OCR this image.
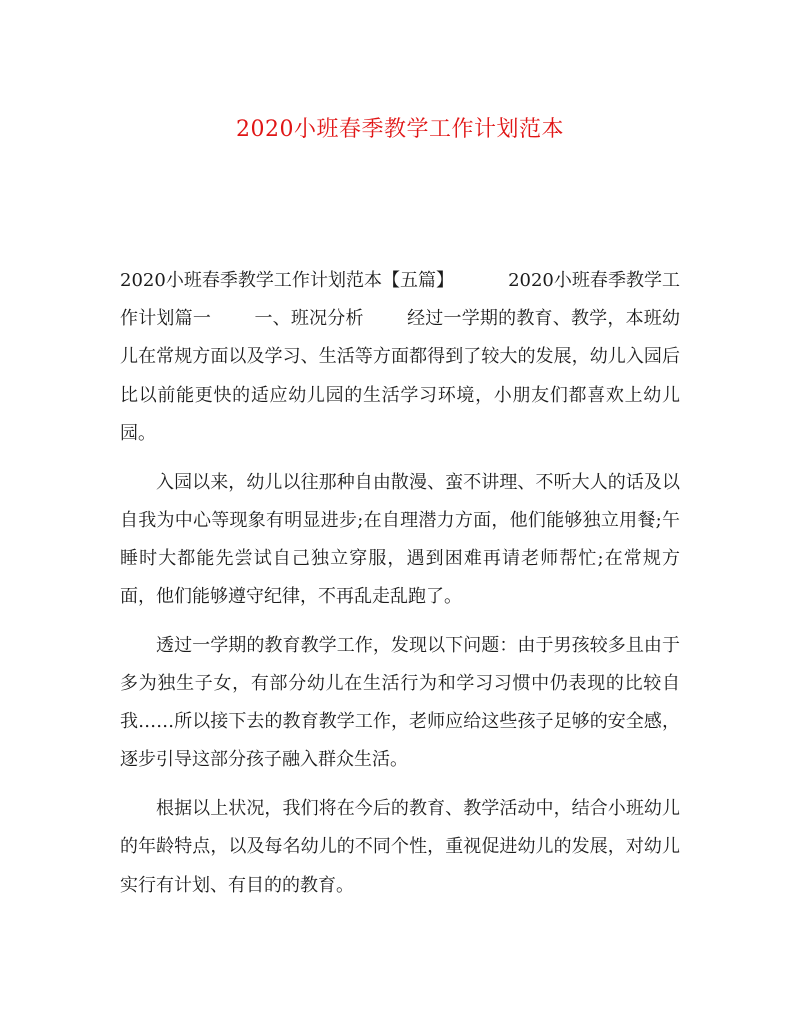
2020小班春季教学工作计划范本

2020小班春季教学工作计划范本【五篇】	2020小班春季教学工作计划篇一 一、班况分析 经过一学期的教育、教学，本班幼儿在常规方面以及学习、生活等方面都得到了较大的发展，幼儿入园后比以前能更快的适应幼儿园的生活学习环境，小朋友们都喜欢上幼儿园。

入园以来，幼儿以往那种自由散漫、蛮不讲理、不听大人的话及以自我为中心等现象有明显进步;在自理潜力方面，他们能够独立用餐;午睡时大都能先尝试自己独立穿服，遇到困难再请老师帮忙;在常规方面，他们能够遵守纪律，不再乱走乱跑了。

透过一学期的教育教学工作，发现以下问题：由于男孩较多且由于多为独生子女，有部分幼儿在生活行为和学习习惯中仍表现的比较自我……所以接下去的教育教学工作，老师应给这些孩子足够的安全感，逐步引导这部分孩子融入群众生活。

根据以上状况，我们将在今后的教育、教学活动中，结合小班幼儿的年龄特点，以及每名幼儿的不同个性，重视促进幼儿的发展，对幼儿实行有计划、有目的的教育。
